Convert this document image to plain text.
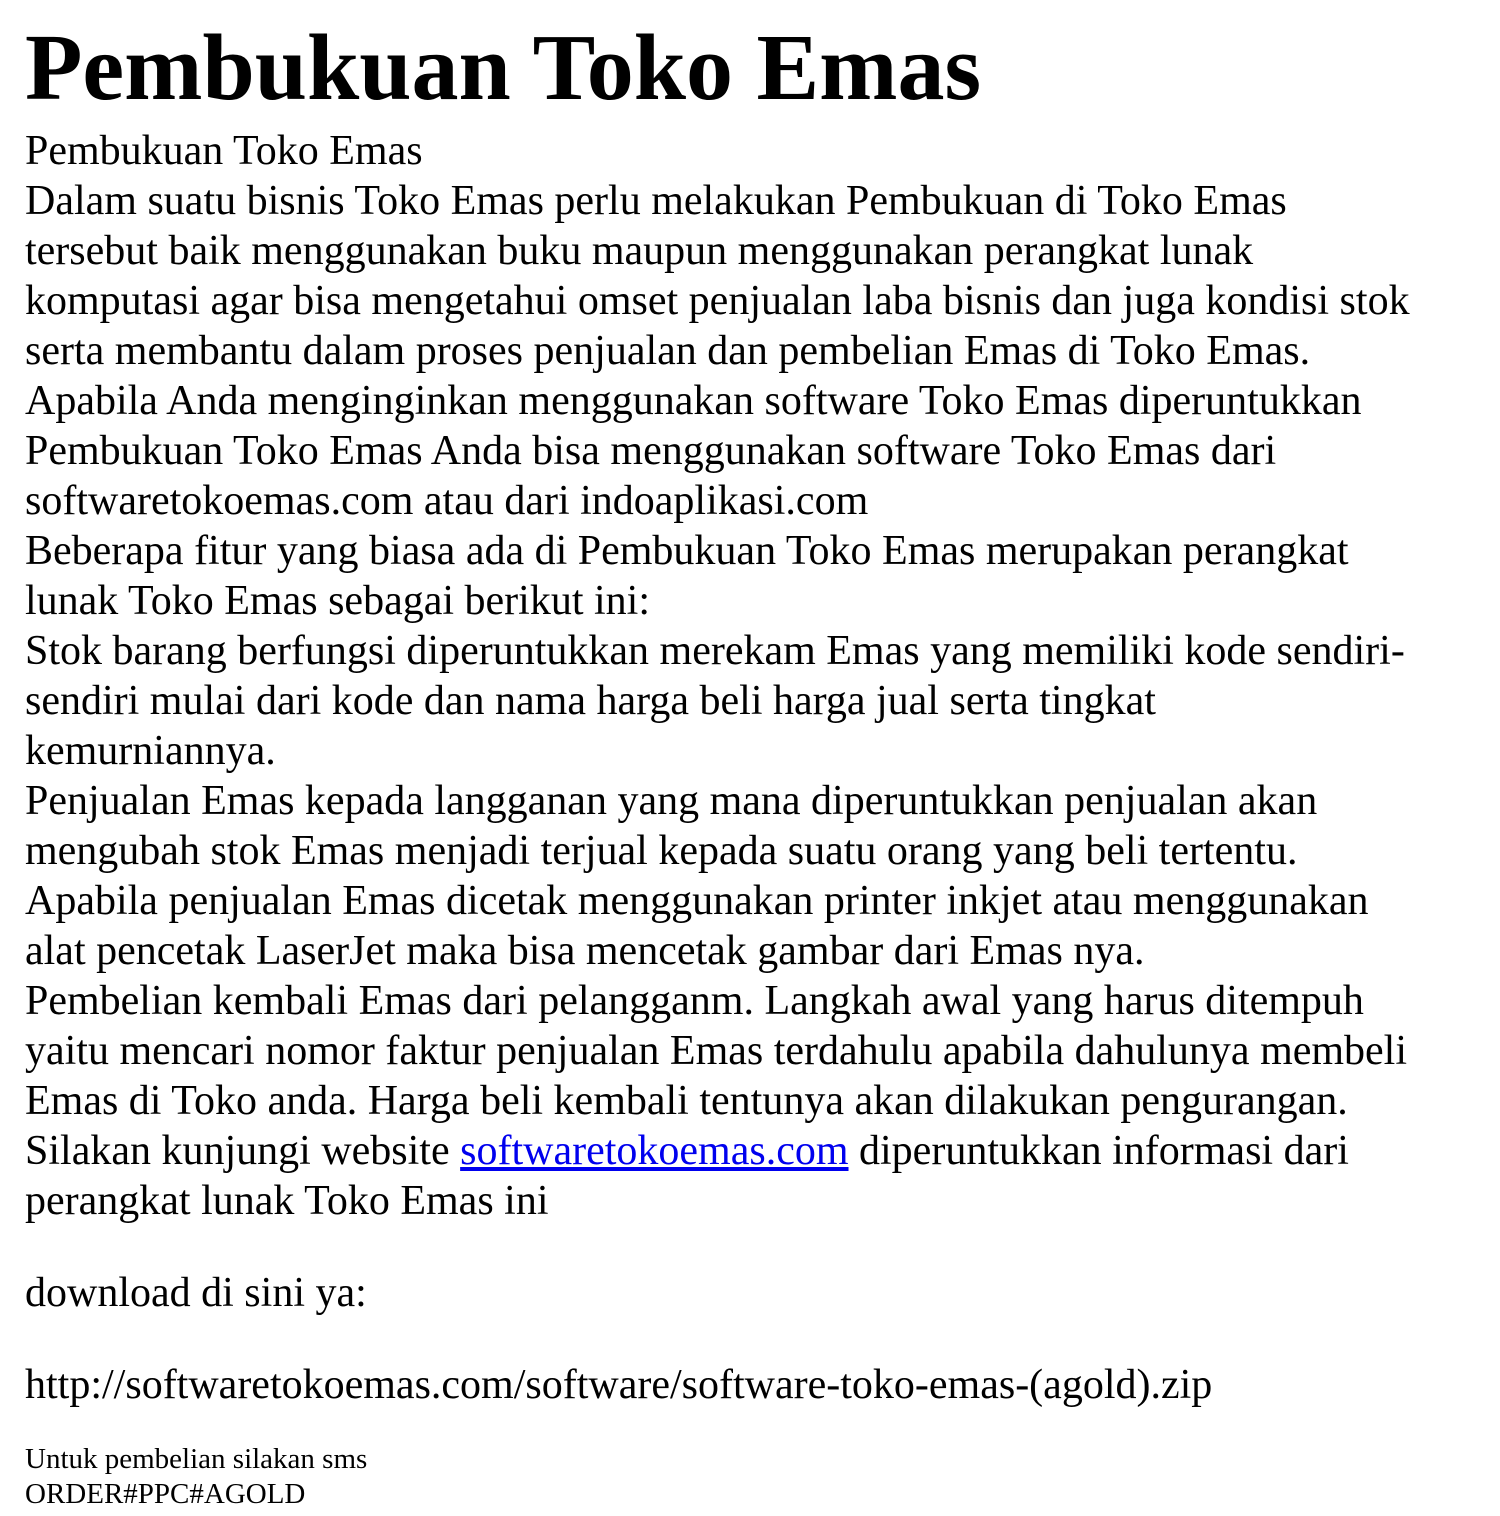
Pembukuan Toko Emas
Pembukuan Toko Emas
Dalam suatu bisnis Toko Emas perlu melakukan Pembukuan di Toko Emas
tersebut baik menggunakan buku maupun menggunakan perangkat lunak
komputasi agar bisa mengetahui omset penjualan laba bisnis dan juga kondisi stok
serta membantu dalam proses penjualan dan pembelian Emas di Toko Emas.
Apabila Anda menginginkan menggunakan software Toko Emas diperuntukkan
Pembukuan Toko Emas Anda bisa menggunakan software Toko Emas dari
softwaretokoemas.com atau dari indoaplikasi.com
Beberapa fitur yang biasa ada di Pembukuan Toko Emas merupakan perangkat
lunak Toko Emas sebagai berikut ini:
Stok barang berfungsi diperuntukkan merekam Emas yang memiliki kode sendiri-
sendiri mulai dari kode dan nama harga beli harga jual serta tingkat
kemurniannya.
Penjualan Emas kepada langganan yang mana diperuntukkan penjualan akan
mengubah stok Emas menjadi terjual kepada suatu orang yang beli tertentu.
Apabila penjualan Emas dicetak menggunakan printer inkjet atau menggunakan
alat pencetak LaserJet maka bisa mencetak gambar dari Emas nya.
Pembelian kembali Emas dari pelangganm. Langkah awal yang harus ditempuh
yaitu mencari nomor faktur penjualan Emas terdahulu apabila dahulunya membeli
Emas di Toko anda. Harga beli kembali tentunya akan dilakukan pengurangan.
Silakan kunjungi website softwaretokoemas.com diperuntukkan informasi dari
perangkat lunak Toko Emas ini

download di sini ya:

http://softwaretokoemas.com/software/software-toko-emas-(agold).zip

Untuk pembelian silakan sms
ORDER#PPC#AGOLD
